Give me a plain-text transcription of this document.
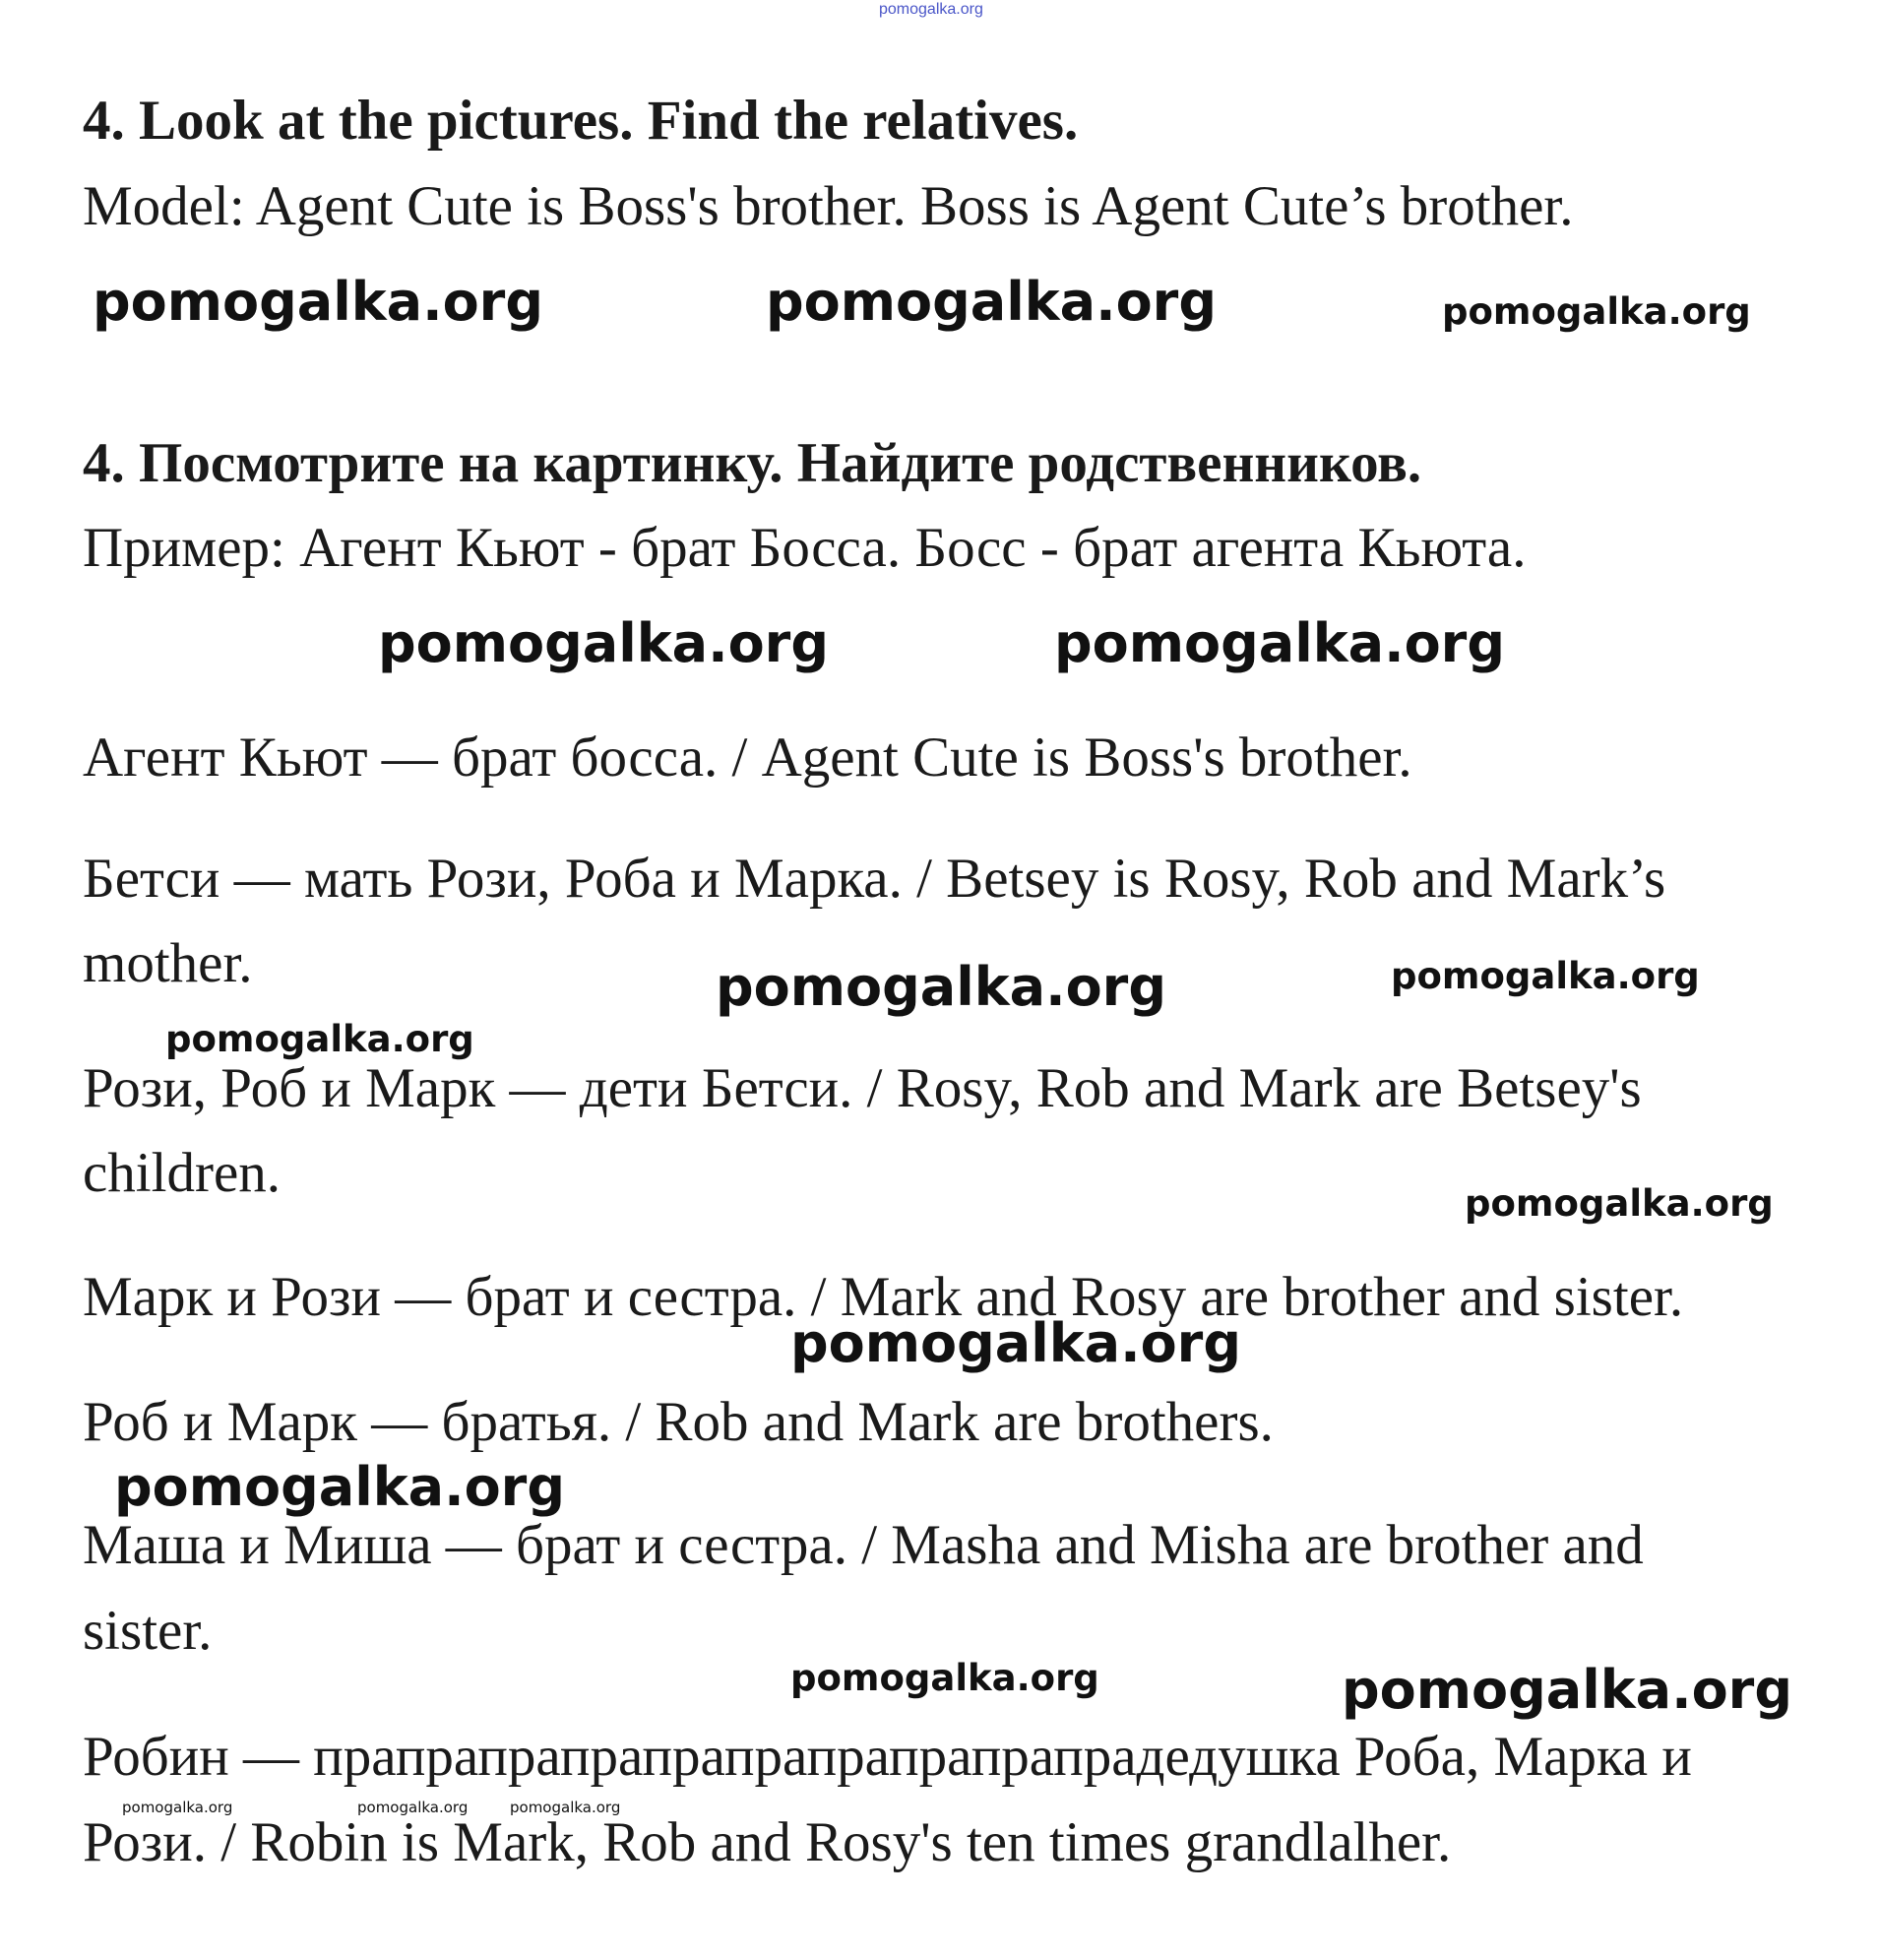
pomogalka.org
4. Look at the pictures. Find the relatives.
Model: Agent Cute is Boss's brother. Boss is Agent Cute’s brother.
pomogalka.org	pomogalka.org	pomogalka.org
4. Посмотрите на картинку. Найдите родственников.
Пример: Агент Кьют - брат Босса. Босс - брат агента Кьюта.
pomogalka.org	pomogalka.org
Агент Кьют — брат босса. / Agent Cute is Boss's brother.
Бетси — мать Рози, Роба и Марка. / Betsey is Rosy, Rob and Mark’s
mother.	pomogalka.org	pomogalka.org
pomogalka.org
Рози, Роб и Марк — дети Бетси. / Rosy, Rob and Mark are Betsey's
children.	pomogalka.org
Марк и Рози — брат и сестра. / Mark and Rosy are brother and sister.
pomogalka.org
Роб и Марк — братья. / Rob and Mark are brothers.
pomogalka.org
Маша и Миша — брат и сестра. / Masha and Misha are brother and
sister.
pomogalka.org	pomogalka.org
Робин — прапрапрапрапрапрапрапрапрапрадедушка Роба, Марка и
pomogalka.org	pomogalka.org	pomogalka.org
Рози. / Robin is Mark, Rob and Rosy's ten times grandlalher.
